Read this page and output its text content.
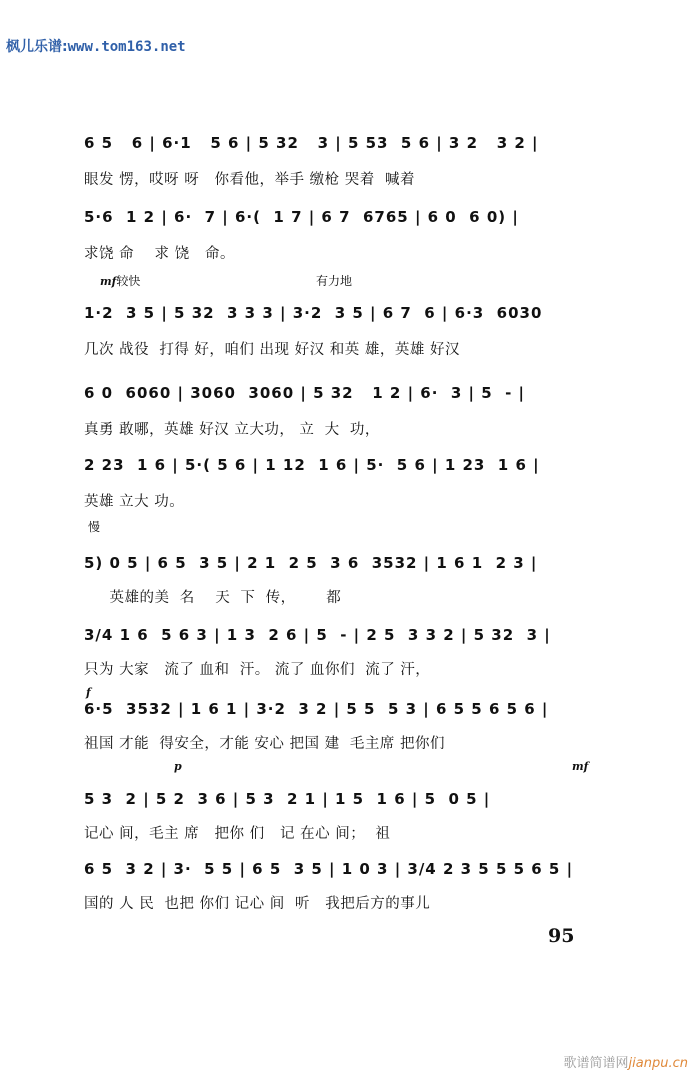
枫儿乐谱:www.tom163.net
6 5   6 | 6·1   5 6 | 5 32   3 | 5 53  5 6 | 3 2   3 2 |
眼发 愣，哎呀 呀   你看他，举手 缴枪 哭着  喊着
5·6  1 2 | 6·  7 | 6·(  1 7 | 6 7  6765 | 6 0  6 0) |
求饶 命    求 饶   命。
mf较快	有力地
1·2  3 5 | 5 32  3 3 3 | 3·2  3 5 | 6 7  6 | 6·3  6030
几次 战役  打得 好，咱们 出现 好汉 和英 雄，英雄 好汉
6 0  6060 | 3060  3060 | 5 32   1 2 | 6·  3 | 5  - |
真勇 敢哪，英雄 好汉 立大功， 立  大  功，
2 23  1 6 | 5·( 5 6 | 1 12  1 6 | 5·  5 6 | 1 23  1 6 |
英雄 立大 功。
慢
5) 0 5 | 6 5  3 5 | 2 1  2 5  3 6  3532 | 1 6 1  2 3 |
英雄的美  名    天  下  传，      都
3/4 1 6  5 6 3 | 1 3  2 6 | 5  - | 2 5  3 3 2 | 5 32  3 |
只为 大家   流了 血和  汗。 流了 血你们  流了 汗，
f
6·5  3532 | 1 6 1 | 3·2  3 2 | 5 5  5 3 | 6 5 5 6 5 6 |
祖国 才能  得安全，才能 安心 把国 建  毛主席 把你们
p	mf
5 3  2 | 5 2  3 6 | 5 3  2 1 | 1 5  1 6 | 5  0 5 |
记心 间，毛主 席   把你 们   记 在心 间；  祖
6 5  3 2 | 3·  5 5 | 6 5  3 5 | 1 0 3 | 3/4 2 3 5 5 5 6 5 |
国的 人 民  也把 你们 记心 间  听   我把后方的事儿
95
歌谱简谱网jianpu.cn
